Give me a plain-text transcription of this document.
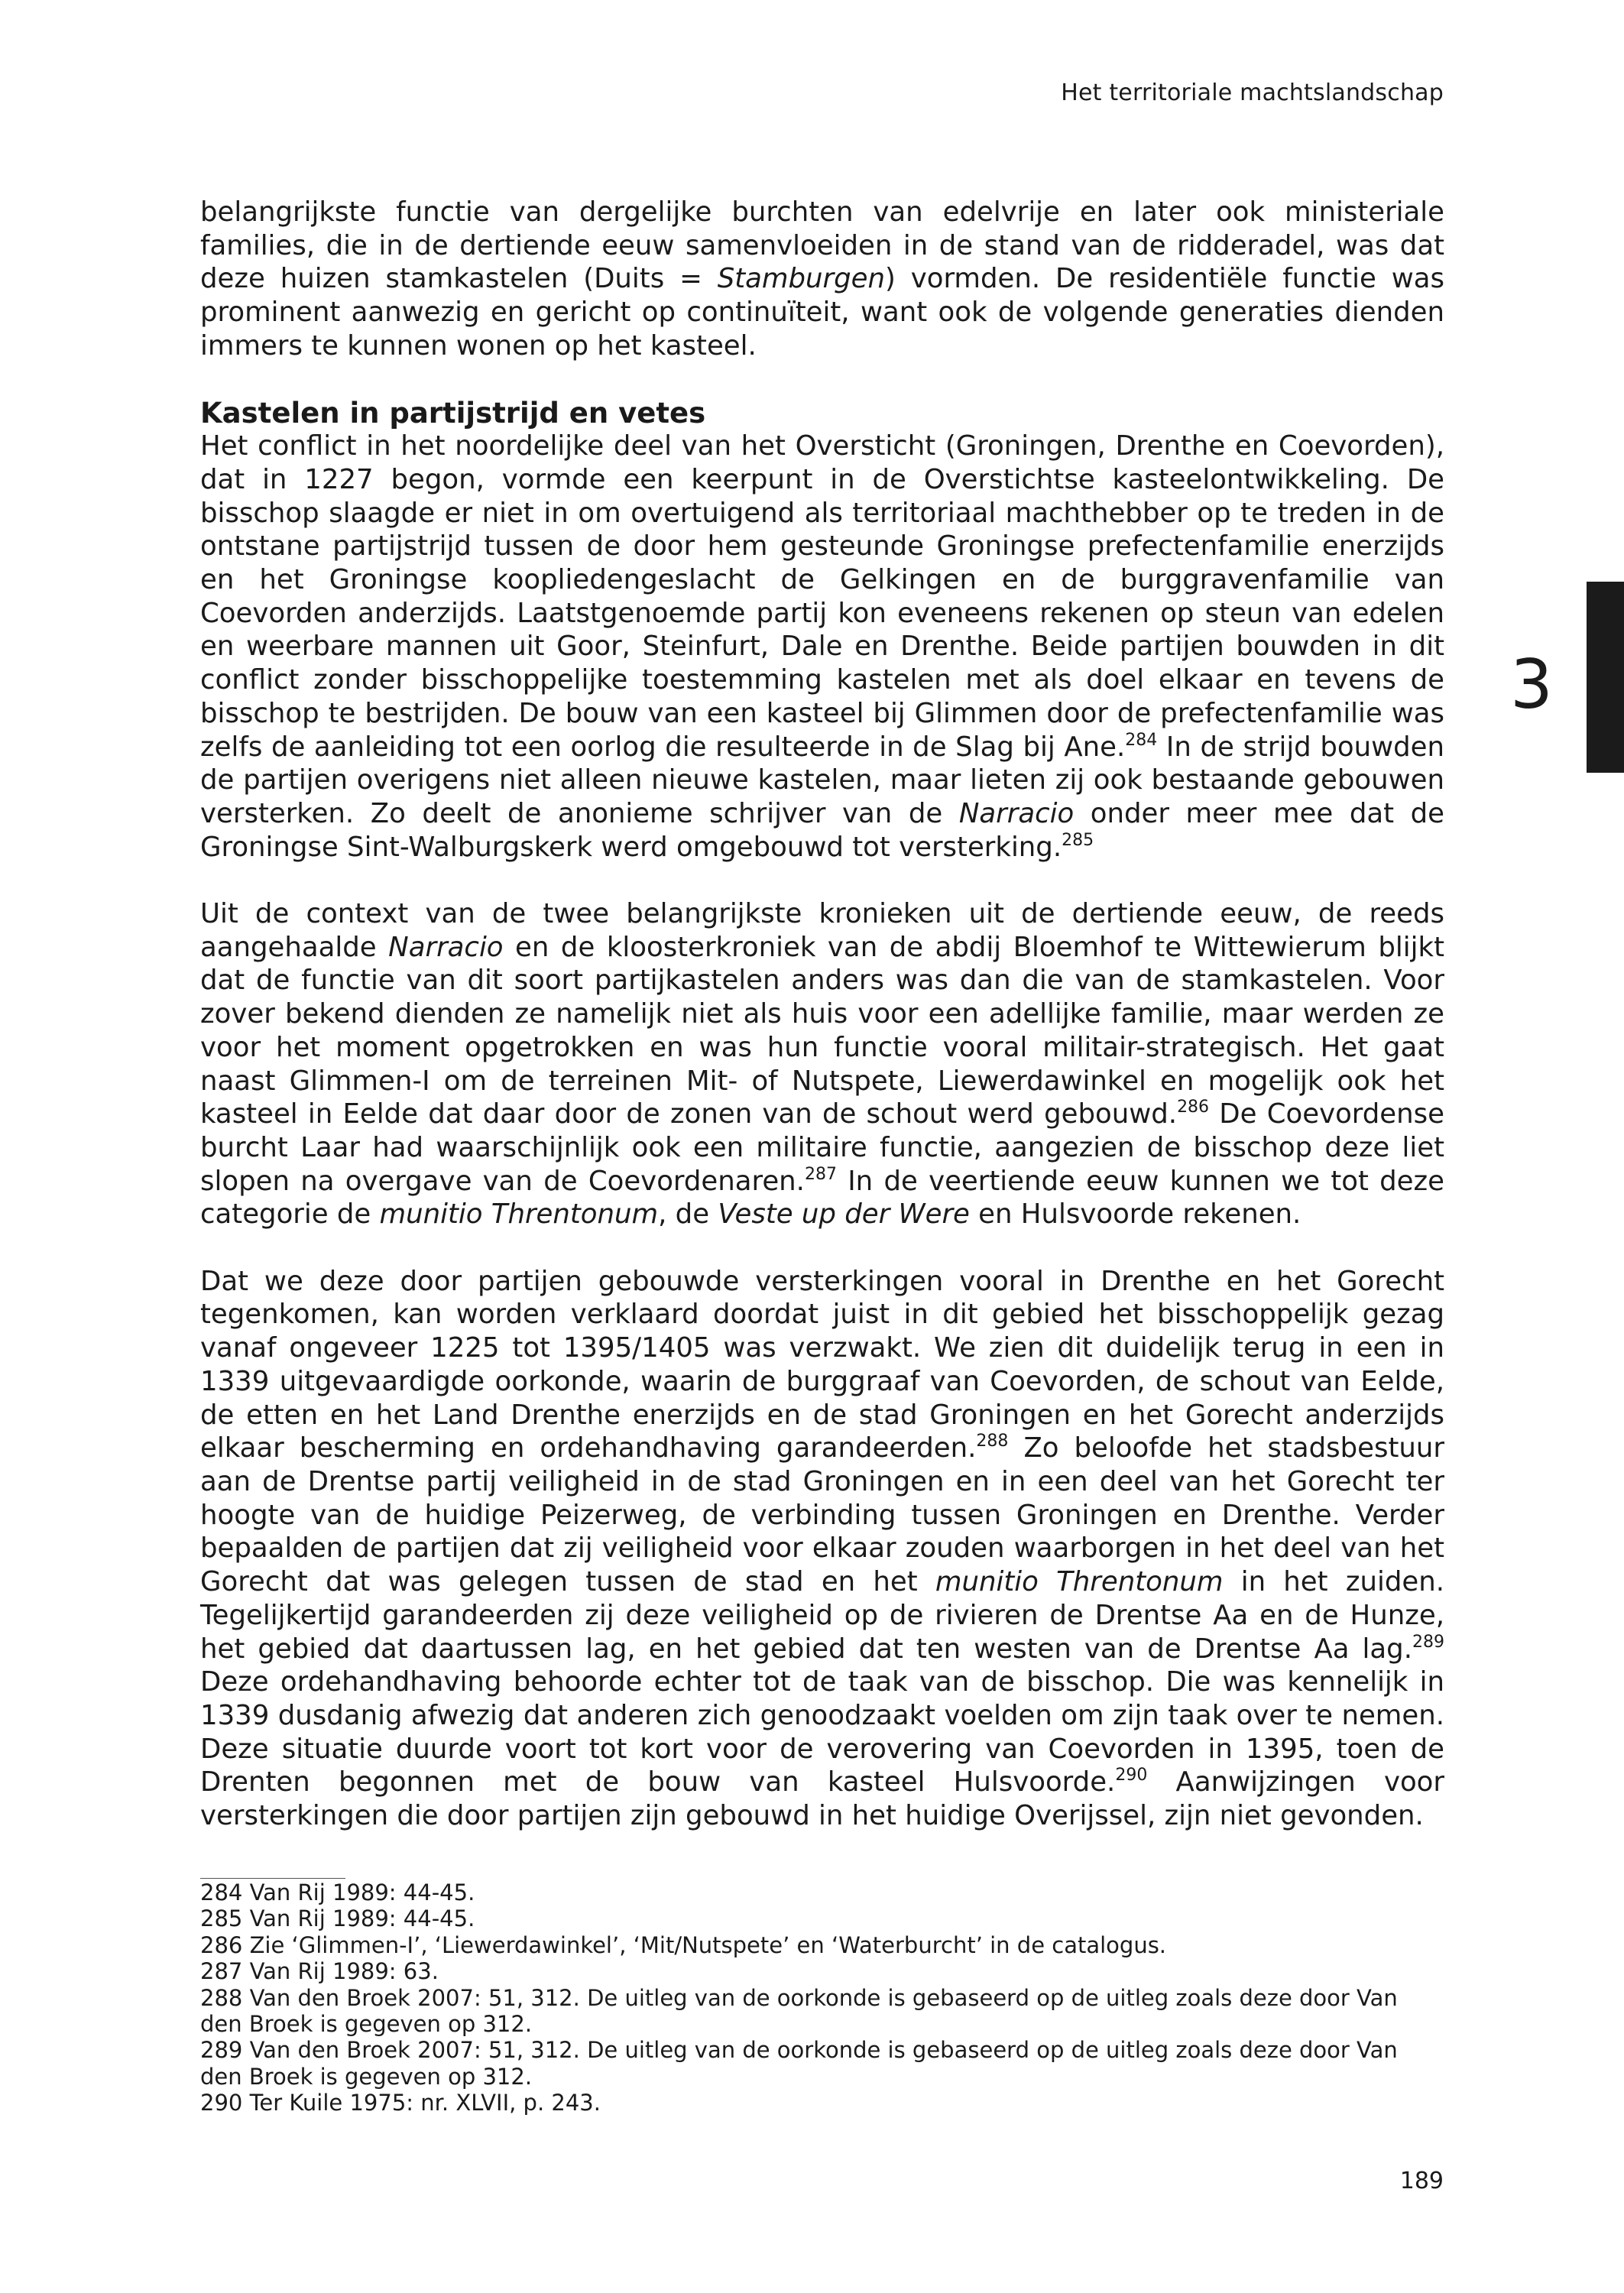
Het territoriale machtslandschap
3

belangrijkste functie van dergelijke burchten van edelvrije en later ook ministeriale families, die in de dertiende eeuw samenvloeiden in de stand van de ridderadel, was dat deze huizen stamkastelen (Duits = Stamburgen) vormden. De residentiële functie was prominent aanwezig en gericht op continuïteit, want ook de volgende generaties dienden immers te kunnen wonen op het kasteel.

Kastelen in partijstrijd en vetes

Het conflict in het noordelijke deel van het Oversticht (Groningen, Drenthe en Coevorden), dat in 1227 begon, vormde een keerpunt in de Overstichtse kasteelontwikkeling. De bisschop slaagde er niet in om overtuigend als territoriaal machthebber op te treden in de ontstane partijstrijd tussen de door hem gesteunde Groningse prefectenfamilie enerzijds en het Groningse koopliedengeslacht de Gelkingen en de burggravenfamilie van Coevorden anderzijds. Laatstgenoemde partij kon eveneens rekenen op steun van edelen en weerbare mannen uit Goor, Steinfurt, Dale en Drenthe. Beide partijen bouwden in dit conflict zonder bisschoppelijke toestemming kastelen met als doel elkaar en tevens de bisschop te bestrijden. De bouw van een kasteel bij Glimmen door de prefectenfamilie was zelfs de aanleiding tot een oorlog die resulteerde in de Slag bij Ane.$^{284}$ In de strijd bouwden de partijen overigens niet alleen nieuwe kastelen, maar lieten zij ook bestaande gebouwen versterken. Zo deelt de anonieme schrijver van de Narracio onder meer mee dat de Groningse Sint-Walburgskerk werd omgebouwd tot versterking.$^{285}$

Uit de context van de twee belangrijkste kronieken uit de dertiende eeuw, de reeds aangehaalde Narracio en de kloosterkroniek van de abdij Bloemhof te Wittewierum blijkt dat de functie van dit soort partijkastelen anders was dan die van de stamkastelen. Voor zover bekend dienden ze namelijk niet als huis voor een adellijke familie, maar werden ze voor het moment opgetrokken en was hun functie vooral militair-strategisch. Het gaat naast Glimmen-I om de terreinen Mit- of Nutspete, Liewerdawinkel en mogelijk ook het kasteel in Eelde dat daar door de zonen van de schout werd gebouwd.$^{286}$ De Coevordense burcht Laar had waarschijnlijk ook een militaire functie, aangezien de bisschop deze liet slopen na overgave van de Coevordenaren.$^{287}$ In de veertiende eeuw kunnen we tot deze categorie de munitio Threntonum, de Veste up der Were en Hulsvoorde rekenen.

Dat we deze door partijen gebouwde versterkingen vooral in Drenthe en het Gorecht tegenkomen, kan worden verklaard doordat juist in dit gebied het bisschoppelijk gezag vanaf ongeveer 1225 tot 1395/1405 was verzwakt. We zien dit duidelijk terug in een in 1339 uitgevaardigde oorkonde, waarin de burggraaf van Coevorden, de schout van Eelde, de etten en het Land Drenthe enerzijds en de stad Groningen en het Gorecht anderzijds elkaar bescherming en ordehandhaving garandeerden.$^{288}$ Zo beloofde het stadsbestuur aan de Drentse partij veiligheid in de stad Groningen en in een deel van het Gorecht ter hoogte van de huidige Peizerweg, de verbinding tussen Groningen en Drenthe. Verder bepaalden de partijen dat zij veiligheid voor elkaar zouden waarborgen in het deel van het Gorecht dat was gelegen tussen de stad en het munitio Threntonum in het zuiden. Tegelijkertijd garandeerden zij deze veiligheid op de rivieren de Drentse Aa en de Hunze, het gebied dat daartussen lag, en het gebied dat ten westen van de Drentse Aa lag.$^{289}$ Deze ordehandhaving behoorde echter tot de taak van de bisschop. Die was kennelijk in 1339 dusdanig afwezig dat anderen zich genoodzaakt voelden om zijn taak over te nemen. Deze situatie duurde voort tot kort voor de verovering van Coevorden in 1395, toen de Drenten begonnen met de bouw van kasteel Hulsvoorde.$^{290}$ Aanwijzingen voor versterkingen die door partijen zijn gebouwd in het huidige Overijssel, zijn niet gevonden.

284 Van Rij 1989: 44-45.

285 Van Rij 1989: 44-45.

286 Zie ‘Glimmen-I’, ‘Liewerdawinkel’, ‘Mit/Nutspete’ en ‘Waterburcht’ in de catalogus.

287 Van Rij 1989: 63.

288 Van den Broek 2007: 51, 312. De uitleg van de oorkonde is gebaseerd op de uitleg zoals deze door Van den Broek is gegeven op 312.

289 Van den Broek 2007: 51, 312. De uitleg van de oorkonde is gebaseerd op de uitleg zoals deze door Van den Broek is gegeven op 312.

290 Ter Kuile 1975: nr. XLVII, p. 243.

189
